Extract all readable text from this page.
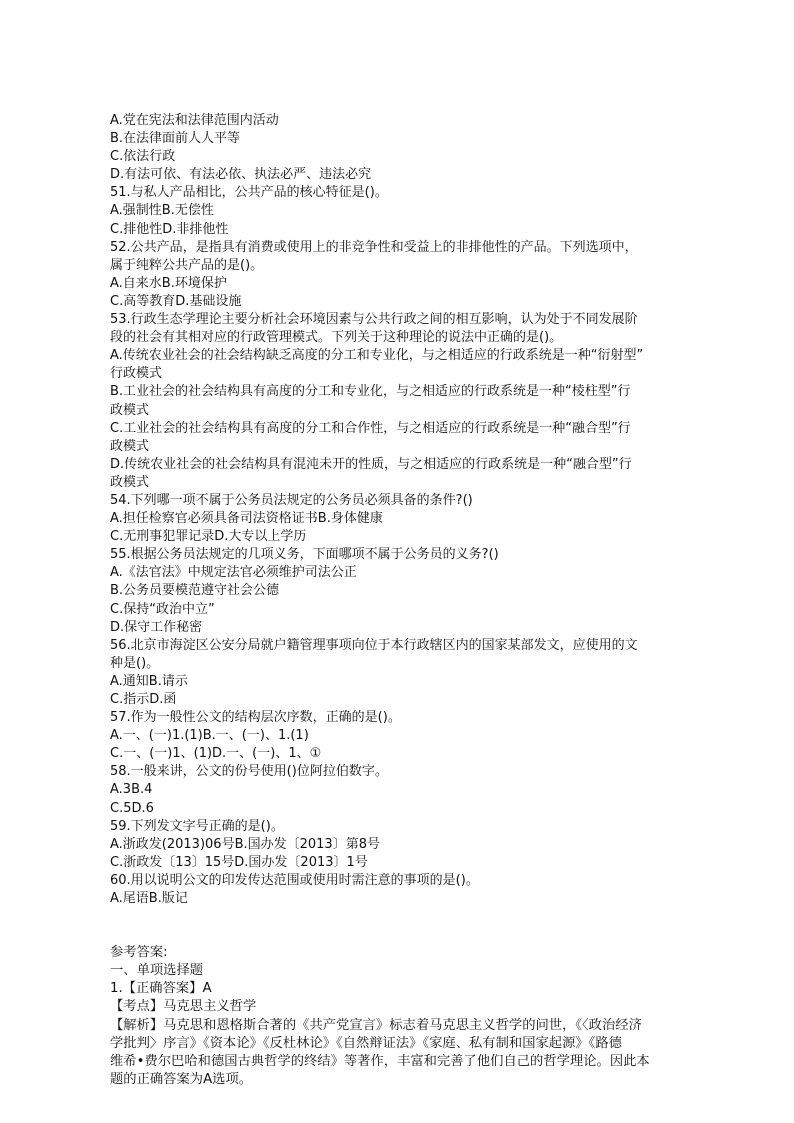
A.党在宪法和法律范围内活动
B.在法律面前人人平等
C.依法行政
D.有法可依、有法必依、执法必严、违法必究
51.与私人产品相比，公共产品的核心特征是()。
A.强制性B.无偿性
C.排他性D.非排他性
52.公共产品，是指具有消费或使用上的非竞争性和受益上的非排他性的产品。下列选项中，
属于纯粹公共产品的是()。
A.自来水B.环境保护
C.高等教育D.基础设施
53.行政生态学理论主要分析社会环境因素与公共行政之间的相互影响，认为处于不同发展阶
段的社会有其相对应的行政管理模式。下列关于这种理论的说法中正确的是()。
A.传统农业社会的社会结构缺乏高度的分工和专业化，与之相适应的行政系统是一种“衍射型”
行政模式
B.工业社会的社会结构具有高度的分工和专业化，与之相适应的行政系统是一种“棱柱型”行
政模式
C.工业社会的社会结构具有高度的分工和合作性，与之相适应的行政系统是一种“融合型”行
政模式
D.传统农业社会的社会结构具有混沌未开的性质，与之相适应的行政系统是一种“融合型”行
政模式
54.下列哪一项不属于公务员法规定的公务员必须具备的条件?()
A.担任检察官必须具备司法资格证书B.身体健康
C.无刑事犯罪记录D.大专以上学历
55.根据公务员法规定的几项义务，下面哪项不属于公务员的义务?()
A.《法官法》中规定法官必须维护司法公正
B.公务员要模范遵守社会公德
C.保持“政治中立”
D.保守工作秘密
56.北京市海淀区公安分局就户籍管理事项向位于本行政辖区内的国家某部发文，应使用的文
种是()。
A.通知B.请示
C.指示D.函
57.作为一般性公文的结构层次序数，正确的是()。
A.一、(一)1.(1)B.一、(一)、1.(1)
C.一、(一)1、(1)D.一、(一)、1、①
58.一般来讲，公文的份号使用()位阿拉伯数字。
A.3B.4
C.5D.6
59.下列发文字号正确的是()。
A.浙政发(2013)06号B.国办发〔2013〕第8号
C.浙政发〔13〕15号D.国办发〔2013〕1号
60.用以说明公文的印发传达范围或使用时需注意的事项的是()。
A.尾语B.版记
参考答案:
一、单项选择题
1.【正确答案】A
【考点】马克思主义哲学
【解析】马克思和恩格斯合著的《共产党宣言》标志着马克思主义哲学的问世，《〈政治经济
学批判〉序言》《资本论》《反杜林论》《自然辩证法》《家庭、私有制和国家起源》《路德
维希•费尔巴哈和德国古典哲学的终结》等著作，丰富和完善了他们自己的哲学理论。因此本
题的正确答案为A选项。
